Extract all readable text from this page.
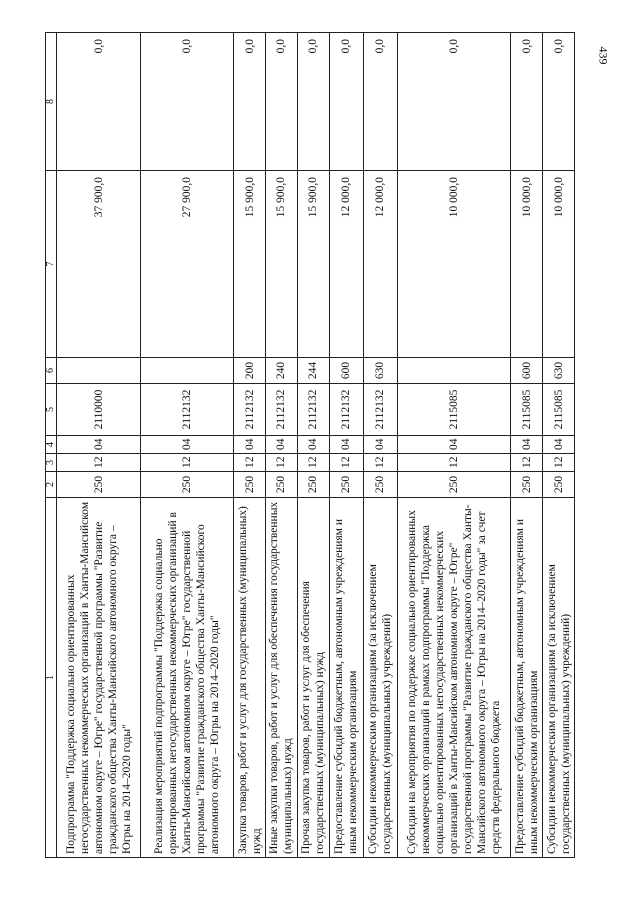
439
1	2	3	4	5	6	7	8
Подпрограмма "Поддержка социально ориентированных негосударственных некоммерческих организаций в Ханты-Мансийском автономном округе – Югре" государственной программы "Развитие гражданского общества Ханты-Мансийского автономного округа – Югры на 2014–2020 годы"	250	12	04	2110000		37 900,0	0,0
Реализация мероприятий подпрограммы "Поддержка социально ориентированных негосударственных некоммерческих организаций в Ханты-Мансийском автономном округе – Югре" государственной программы "Развитие гражданского общества Ханты-Мансийского автономного округа – Югры на 2014–2020 годы"	250	12	04	2112132		27 900,0	0,0
Закупка товаров, работ и услуг для государственных (муниципальных) нужд	250	12	04	2112132	200	15 900,0	0,0
Иные закупки товаров, работ и услуг для обеспечения государственных (муниципальных) нужд	250	12	04	2112132	240	15 900,0	0,0
Прочая закупка товаров, работ и услуг для обеспечения государственных (муниципальных) нужд	250	12	04	2112132	244	15 900,0	0,0
Предоставление субсидий бюджетным, автономным учреждениям и иным некоммерческим организациям	250	12	04	2112132	600	12 000,0	0,0
Субсидии некоммерческим организациям (за исключением государственных (муниципальных) учреждений)	250	12	04	2112132	630	12 000,0	0,0
Субсидии на мероприятия по поддержке социально ориентированных некоммерческих организаций в рамках подпрограммы "Поддержка социально ориентированных негосударственных некоммерческих организаций в Ханты-Мансийском автономном округе – Югре" государственной программы "Развитие гражданского общества Ханты-Мансийского автономного округа – Югры на 2014–2020 годы" за счет средств федерального бюджета	250	12	04	2115085		10 000,0	0,0
Предоставление субсидий бюджетным, автономным учреждениям и иным некоммерческим организациям	250	12	04	2115085	600	10 000,0	0,0
Субсидии некоммерческим организациям (за исключением государственных (муниципальных) учреждений)	250	12	04	2115085	630	10 000,0	0,0
